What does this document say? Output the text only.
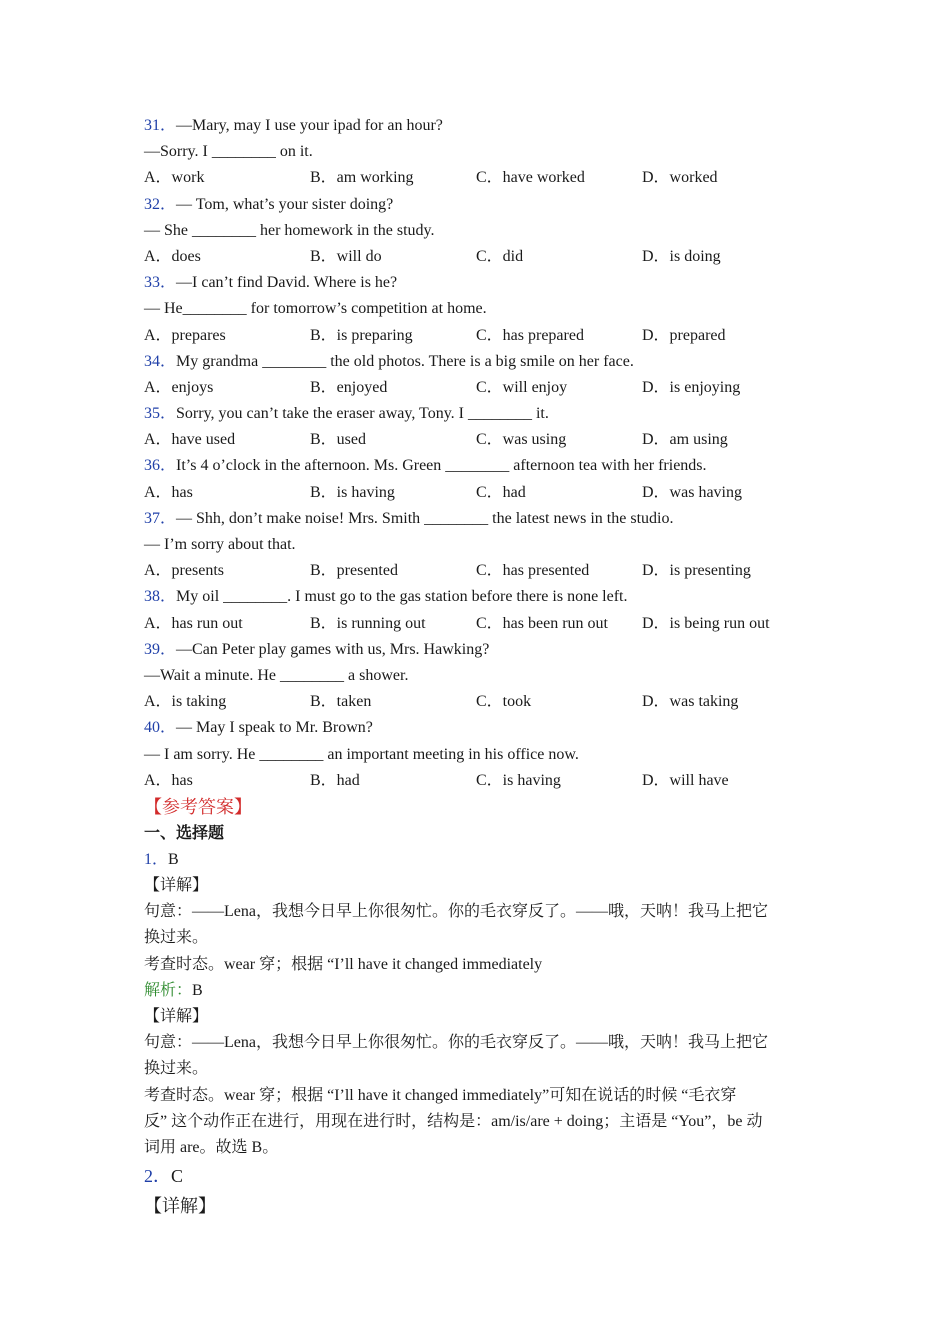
31．—Mary, may I use your ipad for an hour?
—Sorry. I ________ on it.
A．work	B．am working	C．have worked	D．worked
32．— Tom, what’s your sister doing?
— She ________ her homework in the study.
A．does	B．will do	C．did	D．is doing
33．—I can’t find David. Where is he?
— He________ for tomorrow’s competition at home.
A．prepares	B．is preparing	C．has prepared	D．prepared
34．My grandma ________ the old photos. There is a big smile on her face.
A．enjoys	B．enjoyed	C．will enjoy	D．is enjoying
35．Sorry, you can’t take the eraser away, Tony. I ________ it.
A．have used	B．used	C．was using	D．am using
36．It’s 4 o’clock in the afternoon. Ms. Green ________ afternoon tea with her friends.
A．has	B．is having	C．had	D．was having
37．— Shh, don’t make noise! Mrs. Smith ________ the latest news in the studio.
— I’m sorry about that.
A．presents	B．presented	C．has presented	D．is presenting
38．My oil ________. I must go to the gas station before there is none left.
A．has run out	B．is running out	C．has been run out	D．is being run out
39．—Can Peter play games with us, Mrs. Hawking?
—Wait a minute. He ________ a shower.
A．is taking	B．taken	C．took	D．was taking
40．— May I speak to Mr. Brown?
— I am sorry. He ________ an important meeting in his office now.
A．has	B．had	C．is having	D．will have
【参考答案】
一、选择题
1．B
【详解】
句意：——Lena，我想今日早上你很匆忙。你的毛衣穿反了。——哦，天呐！我马上把它
换过来。
考查时态。wear 穿；根据 “I’ll have it changed immediately
解析：B
【详解】
句意：——Lena，我想今日早上你很匆忙。你的毛衣穿反了。——哦，天呐！我马上把它
换过来。
考查时态。wear 穿；根据 “I’ll have it changed immediately”可知在说话的时候 “毛衣穿
反” 这个动作正在进行，用现在进行时，结构是：am/is/are + doing；主语是 “You”，be 动
词用 are。故选 B。
2．C
【详解】
